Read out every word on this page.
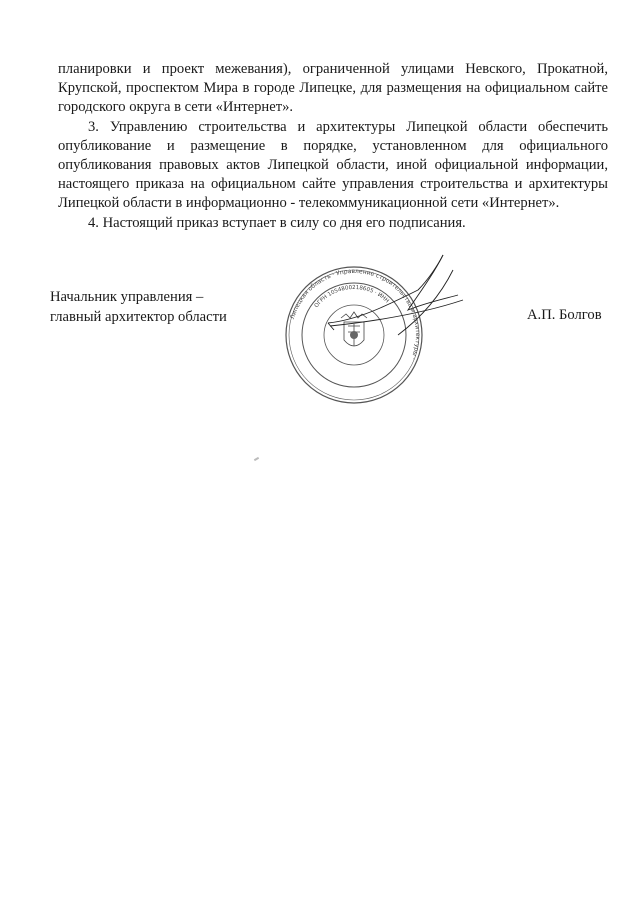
планировки и проект межевания), ограниченной улицами Невского, Прокатной, Крупской, проспектом Мира в городе Липецке, для размещения на официальном сайте городского округа в сети «Интернет».

3. Управлению строительства и архитектуры Липецкой области обеспечить опубликование и размещение в порядке, установленном для официального опубликования правовых актов Липецкой области, иной официальной информации, настоящего приказа на официальном сайте управления строительства и архитектуры Липецкой области в информационно - телекоммуникационной сети «Интернет».

4. Настоящий приказ вступает в силу со дня его подписания.

Начальник управления –
главный архитектор области	А.П. Болгов
Липецкая область · Управление строительства и архитектуры ·
ОГРН 1054800218605 · ИНН ·
